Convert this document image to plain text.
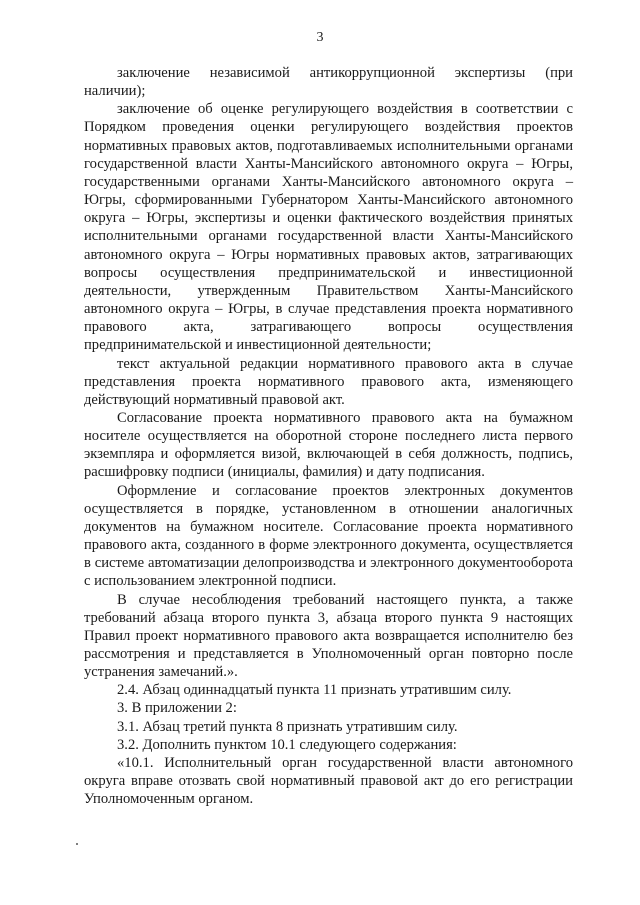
3

заключение независимой антикоррупционной экспертизы (при наличии);

заключение об оценке регулирующего воздействия в соответствии с Порядком проведения оценки регулирующего воздействия проектов нормативных правовых актов, подготавливаемых исполнительными органами государственной власти Ханты-Мансийского автономного округа – Югры, государственными органами Ханты-Мансийского автономного округа – Югры, сформированными Губернатором Ханты-Мансийского автономного округа – Югры, экспертизы и оценки фактического воздействия принятых исполнительными органами государственной власти Ханты-Мансийского автономного округа – Югры нормативных правовых актов, затрагивающих вопросы осуществления предпринимательской и инвестиционной деятельности, утвержденным Правительством Ханты-Мансийского автономного округа – Югры, в случае представления проекта нормативного правового акта, затрагивающего вопросы осуществления предпринимательской и инвестиционной деятельности;

текст актуальной редакции нормативного правового акта в случае представления проекта нормативного правового акта, изменяющего действующий нормативный правовой акт.

Согласование проекта нормативного правового акта на бумажном носителе осуществляется на оборотной стороне последнего листа первого экземпляра и оформляется визой, включающей в себя должность, подпись, расшифровку подписи (инициалы, фамилия) и дату подписания.

Оформление и согласование проектов электронных документов осуществляется в порядке, установленном в отношении аналогичных документов на бумажном носителе. Согласование проекта нормативного правового акта, созданного в форме электронного документа, осуществляется в системе автоматизации делопроизводства и электронного документооборота с использованием электронной подписи.

В случае несоблюдения требований настоящего пункта, а также требований абзаца второго пункта 3, абзаца второго пункта 9 настоящих Правил проект нормативного правового акта возвращается исполнителю без рассмотрения и представляется в Уполномоченный орган повторно после устранения замечаний.».

2.4. Абзац одиннадцатый пункта 11 признать утратившим силу.

3. В приложении 2:

3.1. Абзац третий пункта 8 признать утратившим силу.

3.2. Дополнить пунктом 10.1 следующего содержания:

«10.1. Исполнительный орган государственной власти автономного округа вправе отозвать свой нормативный правовой акт до его регистрации Уполномоченным органом.
